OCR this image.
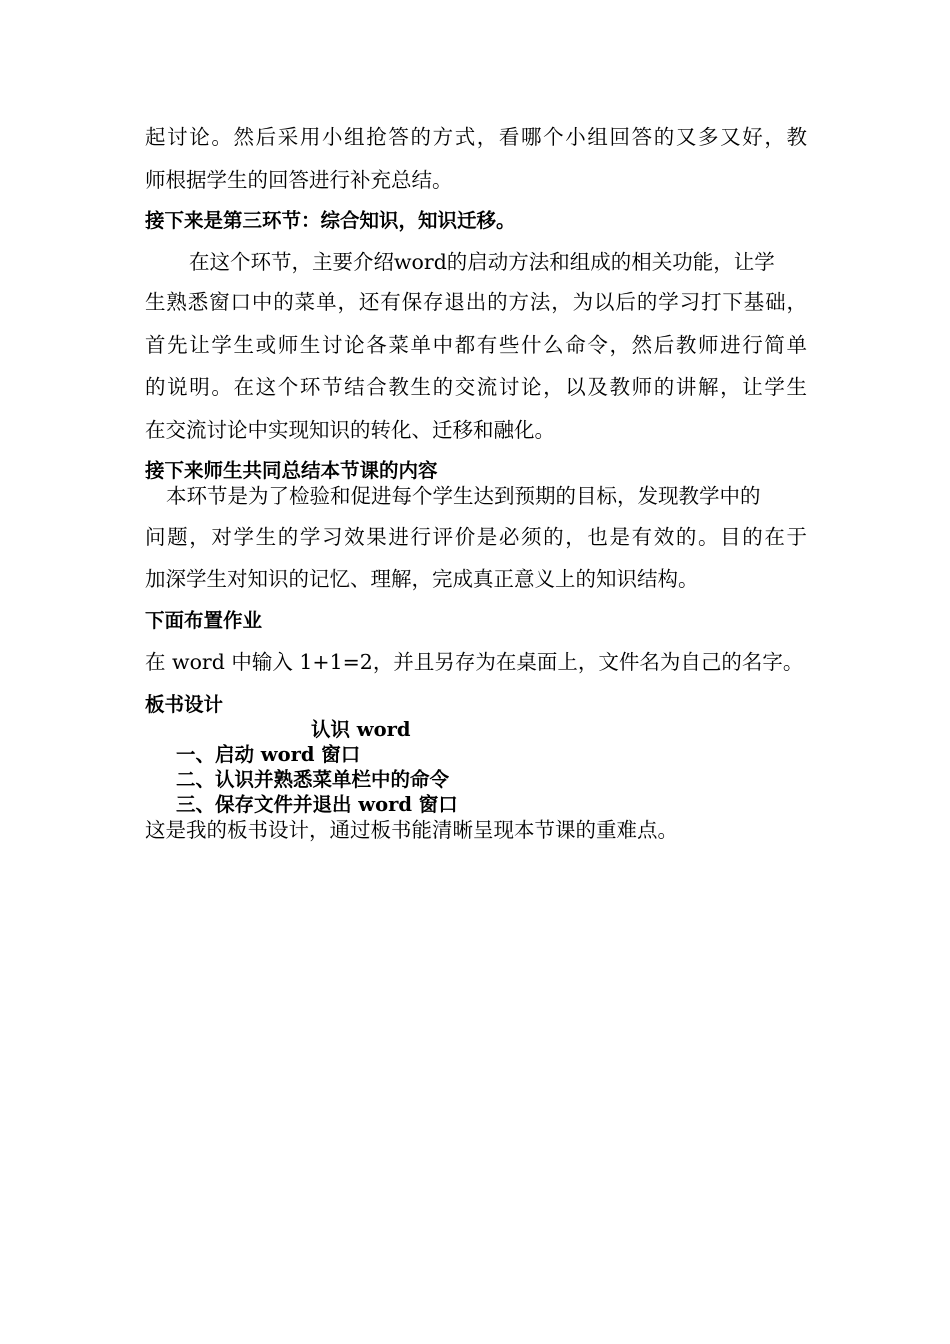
起讨论。然后采用小组抢答的方式，看哪个小组回答的又多又好，教
师根据学生的回答进行补充总结。
接下来是第三环节：综合知识，知识迁移。
在这个环节，主要介绍word的启动方法和组成的相关功能，让学
生熟悉窗口中的菜单，还有保存退出的方法，为以后的学习打下基础，
首先让学生或师生讨论各菜单中都有些什么命令，然后教师进行简单
的说明。在这个环节结合教生的交流讨论，以及教师的讲解，让学生
在交流讨论中实现知识的转化、迁移和融化。
接下来师生共同总结本节课的内容
本环节是为了检验和促进每个学生达到预期的目标，发现教学中的
问题，对学生的学习效果进行评价是必须的，也是有效的。目的在于
加深学生对知识的记忆、理解，完成真正意义上的知识结构。
下面布置作业
在 word 中输入 1+1=2，并且另存为在桌面上，文件名为自己的名字。
板书设计
认识 word
一、启动 word 窗口
二、认识并熟悉菜单栏中的命令
三、保存文件并退出 word 窗口
这是我的板书设计，通过板书能清晰呈现本节课的重难点。
